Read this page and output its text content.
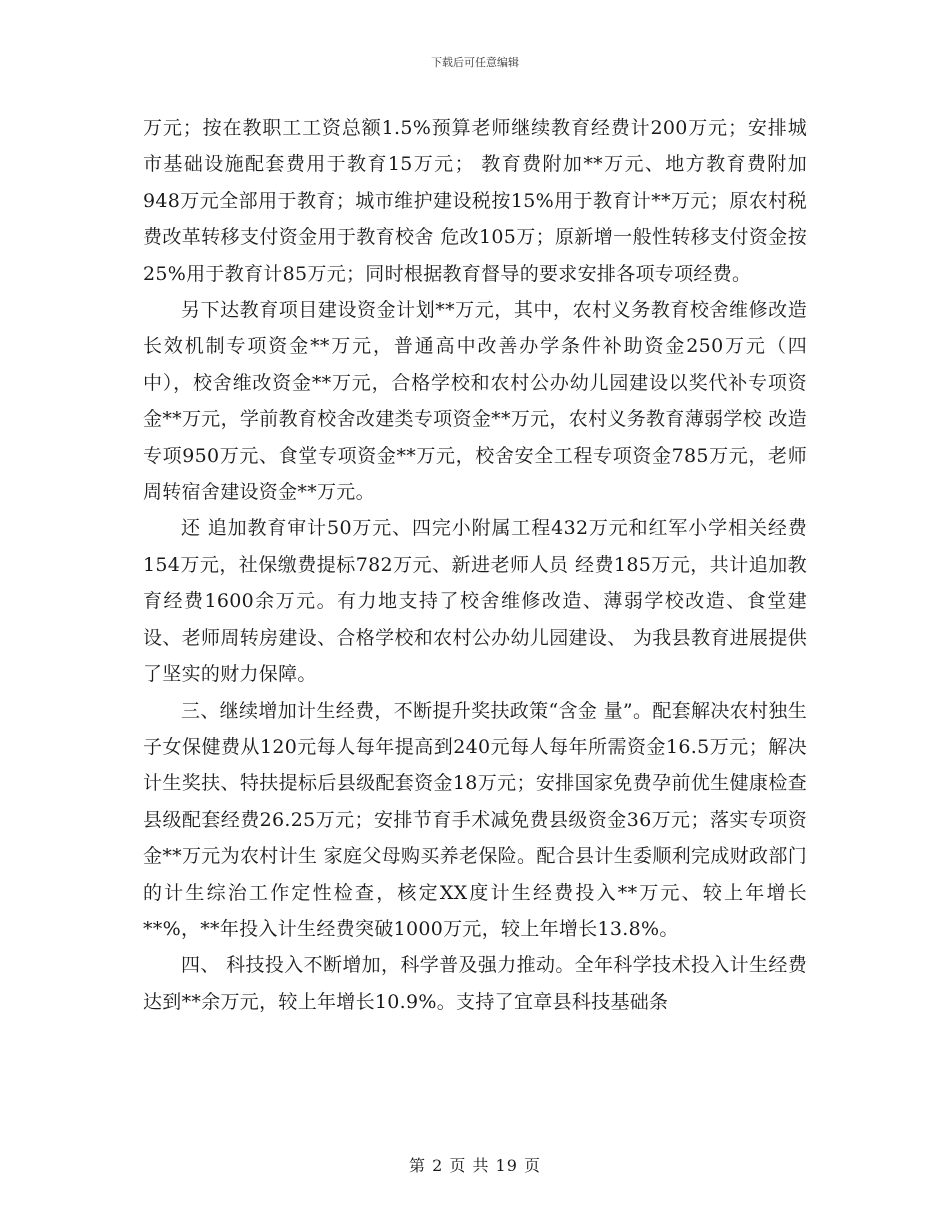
下载后可任意编辑

万元；按在教职工工资总额1.5%预算老师继续教育经费计200万元；安排城市基础设施配套费用于教育15万元； 教育费附加**万元、地方教育费附加948万元全部用于教育；城市维护建设税按15%用于教育计**万元；原农村税费改革转移支付资金用于教育校舍 危改105万；原新增一般性转移支付资金按25%用于教育计85万元；同时根据教育督导的要求安排各项专项经费。

另下达教育项目建设资金计划**万元，其中，农村义务教育校舍维修改造长效机制专项资金**万元，普通高中改善办学条件补助资金250万元（四 中），校舍维改资金**万元，合格学校和农村公办幼儿园建设以奖代补专项资金**万元，学前教育校舍改建类专项资金**万元，农村义务教育薄弱学校 改造专项950万元、食堂专项资金**万元，校舍安全工程专项资金785万元，老师周转宿舍建设资金**万元。

还 追加教育审计50万元、四完小附属工程432万元和红军小学相关经费154万元，社保缴费提标782万元、新进老师人员 经费185万元，共计追加教育经费1600余万元。有力地支持了校舍维修改造、薄弱学校改造、食堂建设、老师周转房建设、合格学校和农村公办幼儿园建设、 为我县教育进展提供了坚实的财力保障。

三、继续增加计生经费，不断提升奖扶政策“含金 量”。配套解决农村独生子女保健费从120元每人每年提高到240元每人每年所需资金16.5万元；解决计生奖扶、特扶提标后县级配套资金18万元；安排国家免费孕前优生健康检查县级配套经费26.25万元；安排节育手术减免费县级资金36万元；落实专项资金**万元为农村计生 家庭父母购买养老保险。配合县计生委顺利完成财政部门的计生综治工作定性检查，核定XX度计生经费投入**万元、较上年增长**%，**年投入计生经费突破1000万元，较上年增长13.8%。

四、 科技投入不断增加，科学普及强力推动。全年科学技术投入计生经费达到**余万元，较上年增长10.9%。支持了宜章县科技基础条

第 2 页 共 19 页
